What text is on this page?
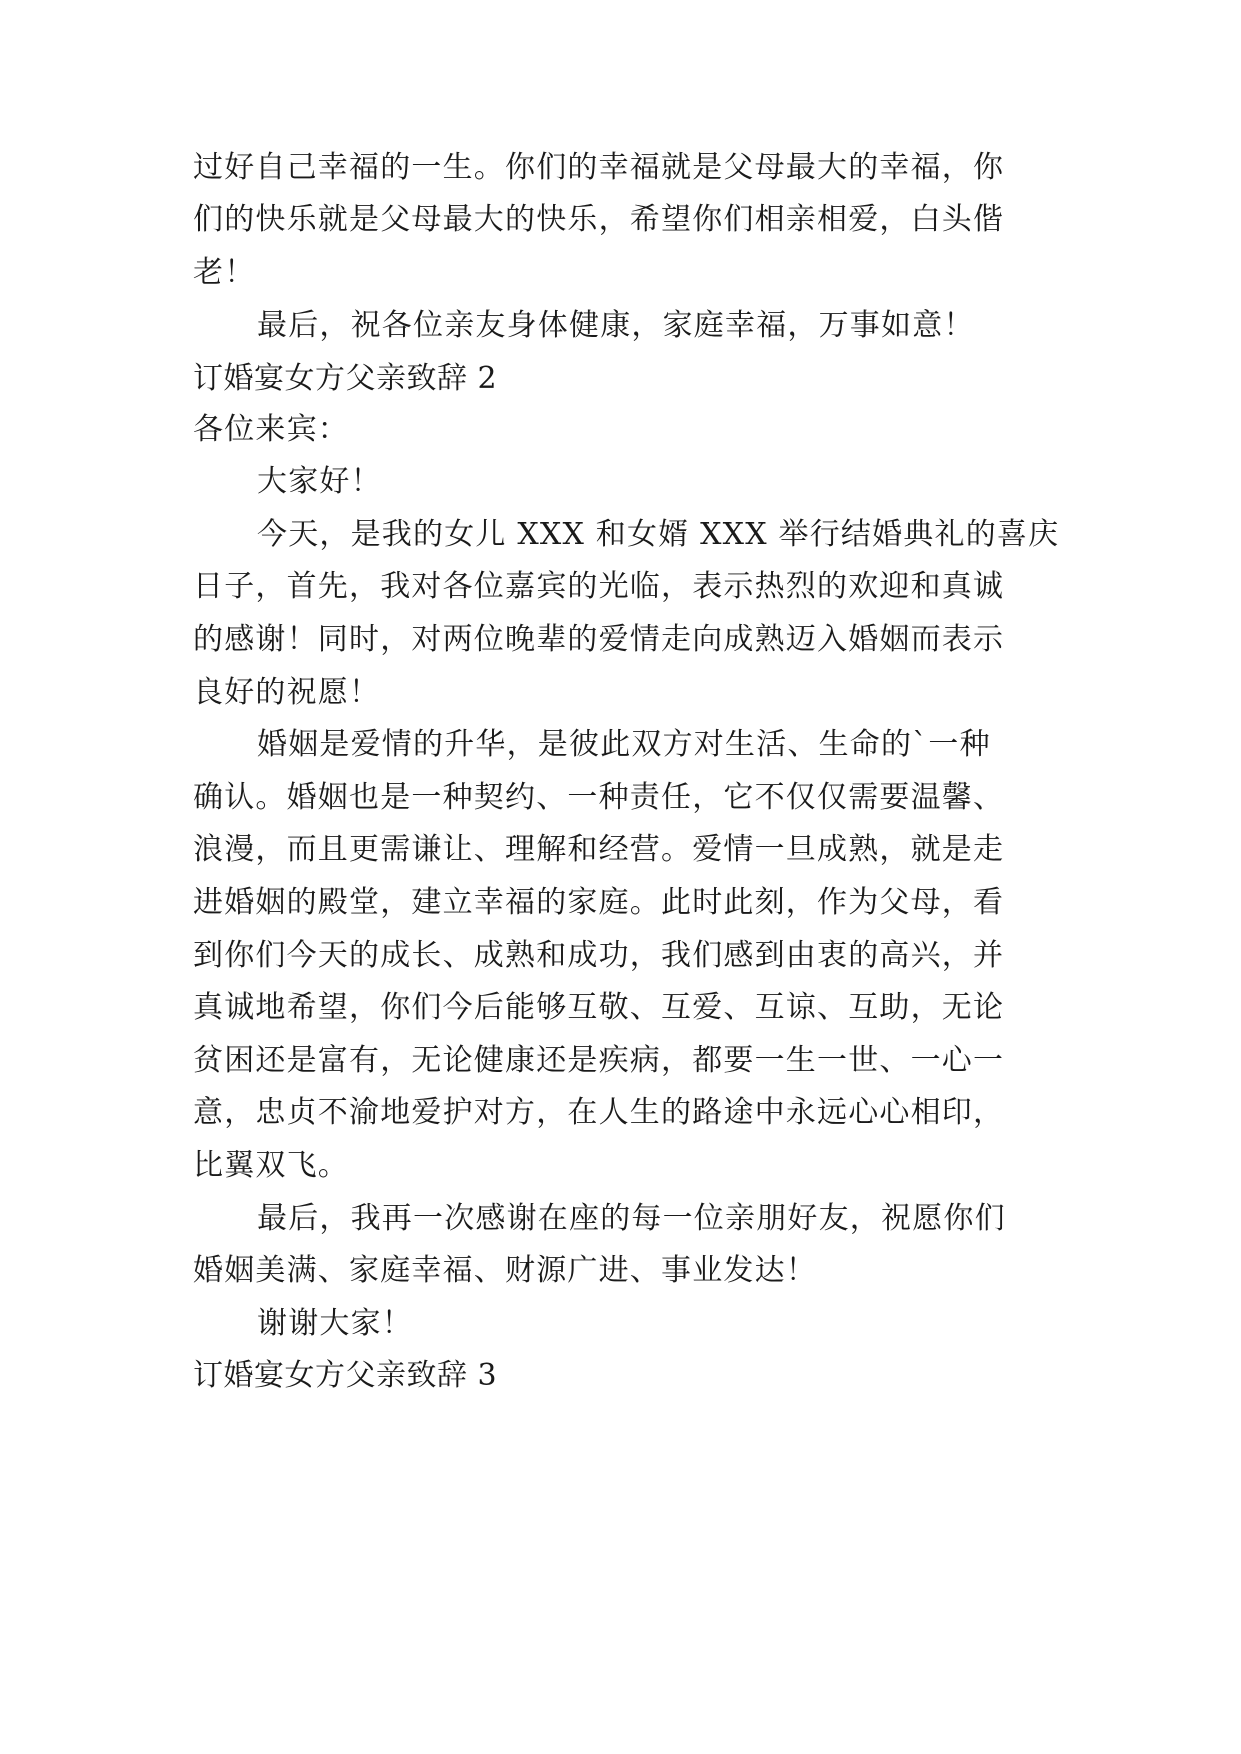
过好自己幸福的一生。你们的幸福就是父母最大的幸福，你
们的快乐就是父母最大的快乐，希望你们相亲相爱，白头偕
老！
最后，祝各位亲友身体健康，家庭幸福，万事如意！
订婚宴女方父亲致辞 2
各位来宾：
大家好！
今天，是我的女儿 XXX 和女婿 XXX 举行结婚典礼的喜庆
日子，首先，我对各位嘉宾的光临，表示热烈的欢迎和真诚
的感谢！同时，对两位晚辈的爱情走向成熟迈入婚姻而表示
良好的祝愿！
婚姻是爱情的升华，是彼此双方对生活、生命的`一种
确认。婚姻也是一种契约、一种责任，它不仅仅需要温馨、
浪漫，而且更需谦让、理解和经营。爱情一旦成熟，就是走
进婚姻的殿堂，建立幸福的家庭。此时此刻，作为父母，看
到你们今天的成长、成熟和成功，我们感到由衷的高兴，并
真诚地希望，你们今后能够互敬、互爱、互谅、互助，无论
贫困还是富有，无论健康还是疾病，都要一生一世、一心一
意，忠贞不渝地爱护对方，在人生的路途中永远心心相印，
比翼双飞。
最后，我再一次感谢在座的每一位亲朋好友，祝愿你们
婚姻美满、家庭幸福、财源广进、事业发达！
谢谢大家！
订婚宴女方父亲致辞 3
